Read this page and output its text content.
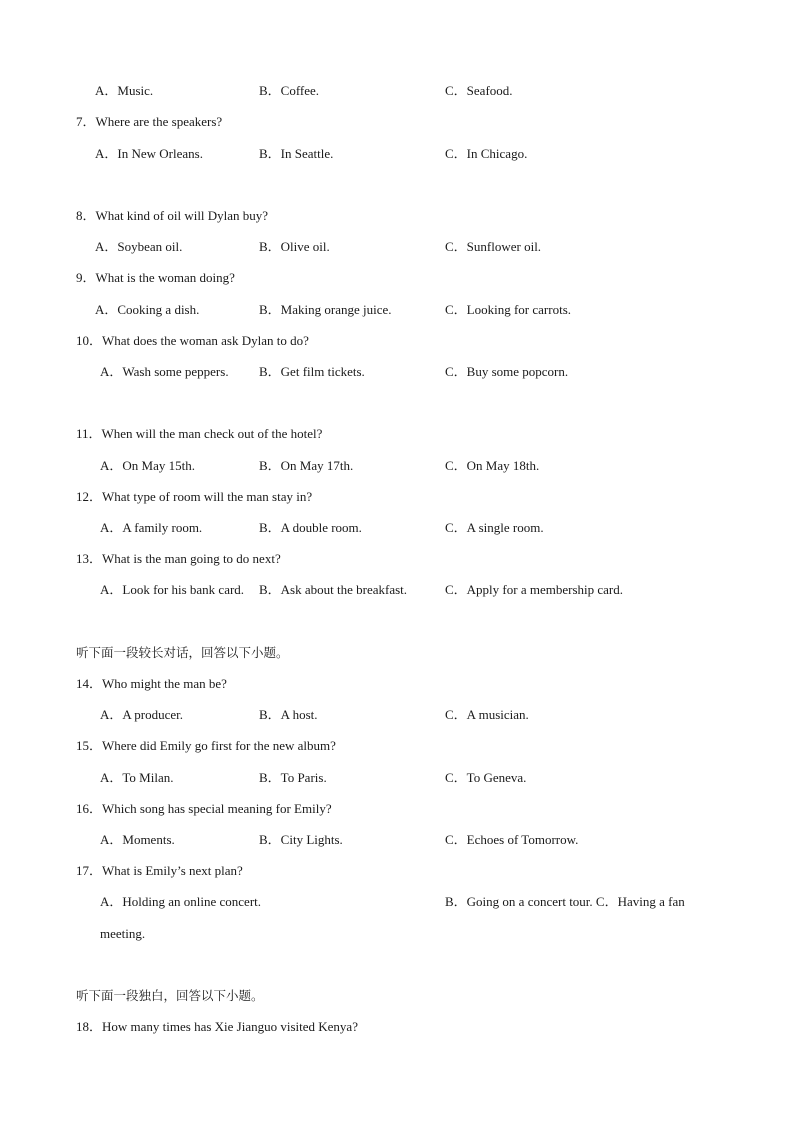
A．Music.	B．Coffee.	C．Seafood.
7．Where are the speakers?
A．In New Orleans.	B．In Seattle.	C．In Chicago.
8．What kind of oil will Dylan buy?
A．Soybean oil.	B．Olive oil.	C．Sunflower oil.
9．What is the woman doing?
A．Cooking a dish.	B．Making orange juice.	C．Looking for carrots.
10．What does the woman ask Dylan to do?
A．Wash some peppers. B．Get film tickets.	C．Buy some popcorn.
11．When will the man check out of the hotel?
A．On May 15th.	B．On May 17th.	C．On May 18th.
12．What type of room will the man stay in?
A．A family room.	B．A double room.	C．A single room.
13．What is the man going to do next?
A．Look for his bank card. B．Ask about the breakfast.	C．Apply for a membership card.
听下面一段较长对话，回答以下小题。
14．Who might the man be?
A．A producer.	B．A host.	C．A musician.
15．Where did Emily go first for the new album?
A．To Milan.	B．To Paris.	C．To Geneva.
16．Which song has special meaning for Emily?
A．Moments.	B．City Lights.	C．Echoes of Tomorrow.
17．What is Emily’s next plan?
A．Holding an online concert.	B．Going on a concert tour. C．Having a fan
meeting.
听下面一段独白，回答以下小题。
18．How many times has Xie Jianguo visited Kenya?
